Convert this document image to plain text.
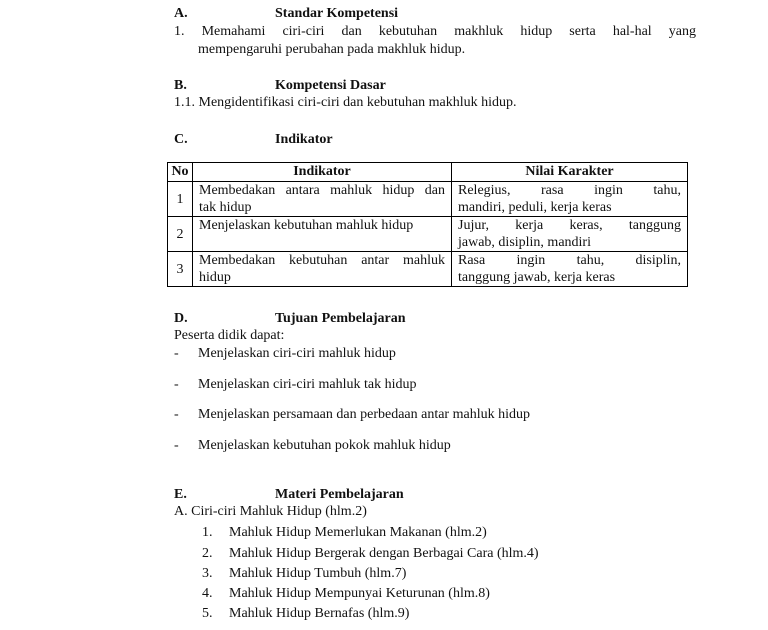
A.	Standar Kompetensi
1. Memahami ciri-ciri dan kebutuhan makhluk hidup serta hal-hal yang
mempengaruhi perubahan pada makhluk hidup.
B.	Kompetensi Dasar
1.1. Mengidentifikasi ciri-ciri dan kebutuhan makhluk hidup.
C.	Indikator
No	Indikator	Nilai Karakter
1	Membedakan antara mahluk hidup dan
tak hidup	Relegius, rasa ingin tahu,
mandiri, peduli, kerja keras
2	Menjelaskan kebutuhan mahluk hidup	Jujur, kerja keras, tanggung
jawab, disiplin, mandiri
3	Membedakan kebutuhan antar mahluk
hidup	Rasa ingin tahu, disiplin,
tanggung jawab, kerja keras
D.	Tujuan Pembelajaran
Peserta didik dapat:
- Menjelaskan ciri-ciri mahluk hidup
- Menjelaskan ciri-ciri mahluk tak hidup
- Menjelaskan persamaan dan perbedaan antar mahluk hidup
- Menjelaskan kebutuhan pokok mahluk hidup
E.	Materi Pembelajaran
A. Ciri-ciri Mahluk Hidup (hlm.2)
1. Mahluk Hidup Memerlukan Makanan (hlm.2)
2. Mahluk Hidup Bergerak dengan Berbagai Cara (hlm.4)
3. Mahluk Hidup Tumbuh (hlm.7)
4. Mahluk Hidup Mempunyai Keturunan (hlm.8)
5. Mahluk Hidup Bernafas (hlm.9)
